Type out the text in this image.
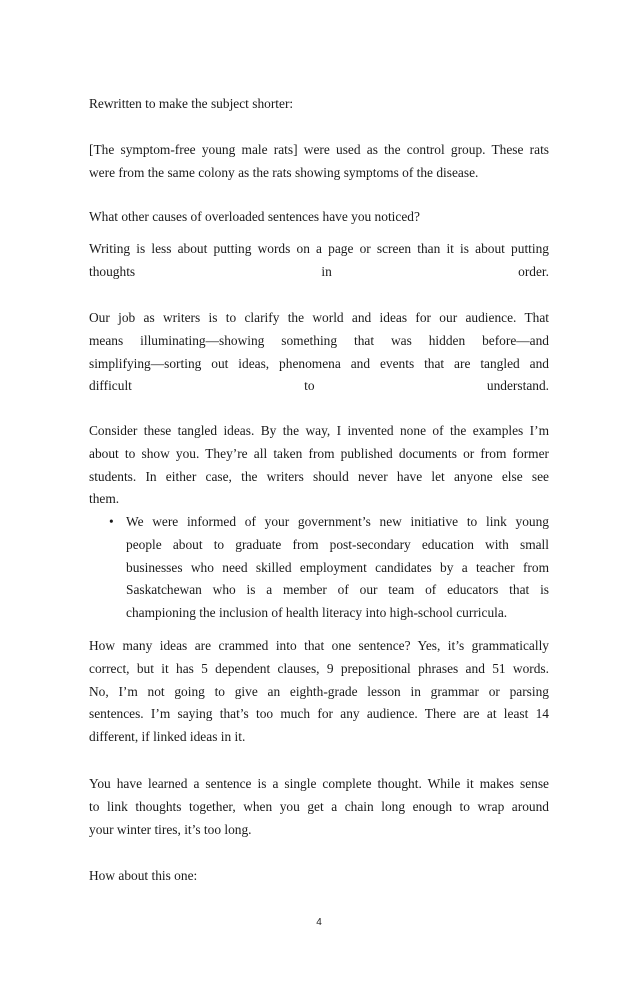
Rewritten to make the subject shorter:

[The symptom-free young male rats] were used as the control group. These rats
were from the same colony as the rats showing symptoms of the disease.

What other causes of overloaded sentences have you noticed?

Writing is less about putting words on a page or screen than it is about putting
thoughts in order.

Our job as writers is to clarify the world and ideas for our audience. That
means illuminating—showing something that was hidden before—and
simplifying—sorting out ideas, phenomena and events that are tangled and
difficult to understand.

Consider these tangled ideas. By the way, I invented none of the examples I’m
about to show you. They’re all taken from published documents or from former
students. In either case, the writers should never have let anyone else see
them.

• We were informed of your government’s new initiative to link young
people about to graduate from post-secondary education with small
businesses who need skilled employment candidates by a teacher from
Saskatchewan who is a member of our team of educators that is
championing the inclusion of health literacy into high-school curricula.

How many ideas are crammed into that one sentence? Yes, it’s grammatically
correct, but it has 5 dependent clauses, 9 prepositional phrases and 51 words.
No, I’m not going to give an eighth-grade lesson in grammar or parsing
sentences. I’m saying that’s too much for any audience. There are at least 14
different, if linked ideas in it.

You have learned a sentence is a single complete thought. While it makes sense
to link thoughts together, when you get a chain long enough to wrap around
your winter tires, it’s too long.

How about this one:

4
